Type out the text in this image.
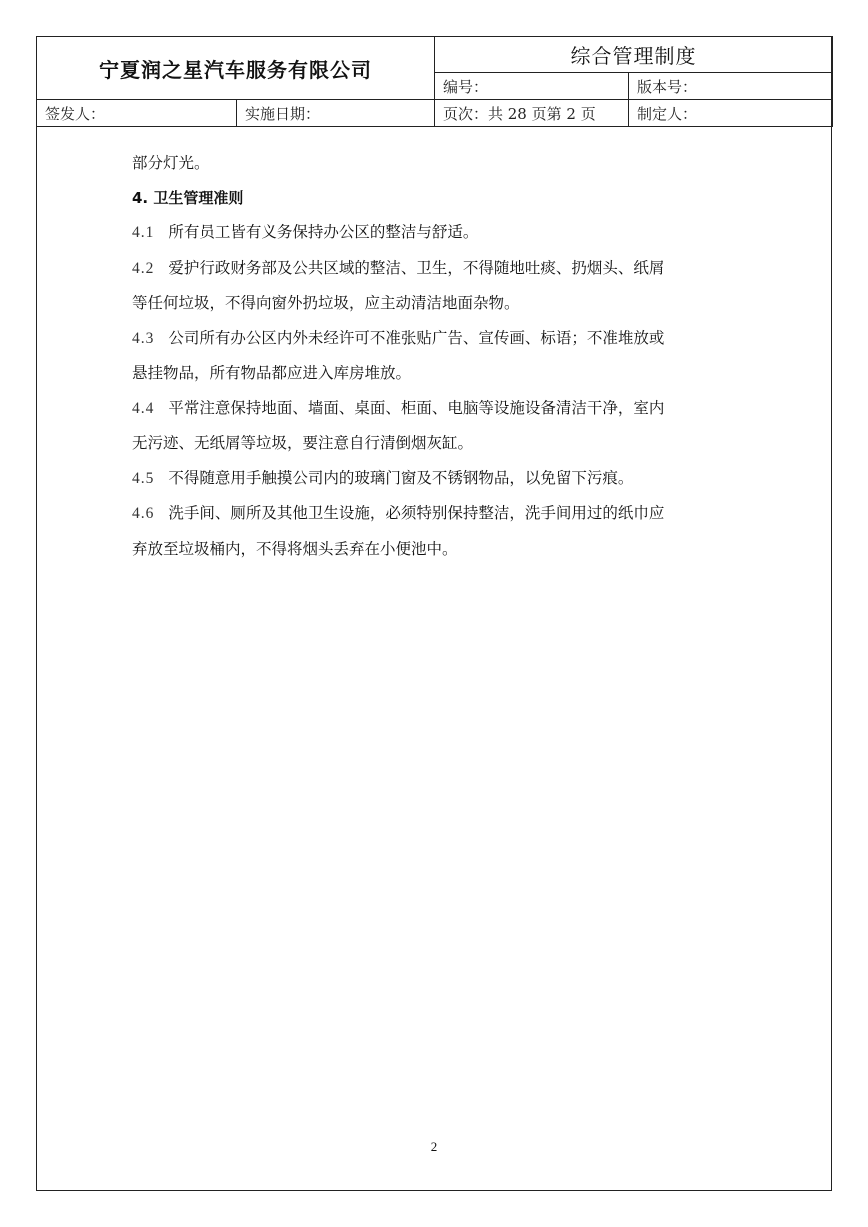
宁夏润之星汽车服务有限公司		综合管理制度	
		编号：	版本号：
签发人：	实施日期：	页次：共 28 页第 2 页	制定人：

部分灯光。

4. 卫生管理准则

4.1 所有员工皆有义务保持办公区的整洁与舒适。

4.2 爱护行政财务部及公共区域的整洁、卫生，不得随地吐痰、扔烟头、纸屑

等任何垃圾，不得向窗外扔垃圾，应主动清洁地面杂物。

4.3 公司所有办公区内外未经许可不准张贴广告、宣传画、标语；不准堆放或

悬挂物品，所有物品都应进入库房堆放。

4.4 平常注意保持地面、墙面、桌面、柜面、电脑等设施设备清洁干净，室内

无污迹、无纸屑等垃圾，要注意自行清倒烟灰缸。

4.5 不得随意用手触摸公司内的玻璃门窗及不锈钢物品，以免留下污痕。

4.6 洗手间、厕所及其他卫生设施，必须特别保持整洁，洗手间用过的纸巾应

弃放至垃圾桶内，不得将烟头丢弃在小便池中。

2
